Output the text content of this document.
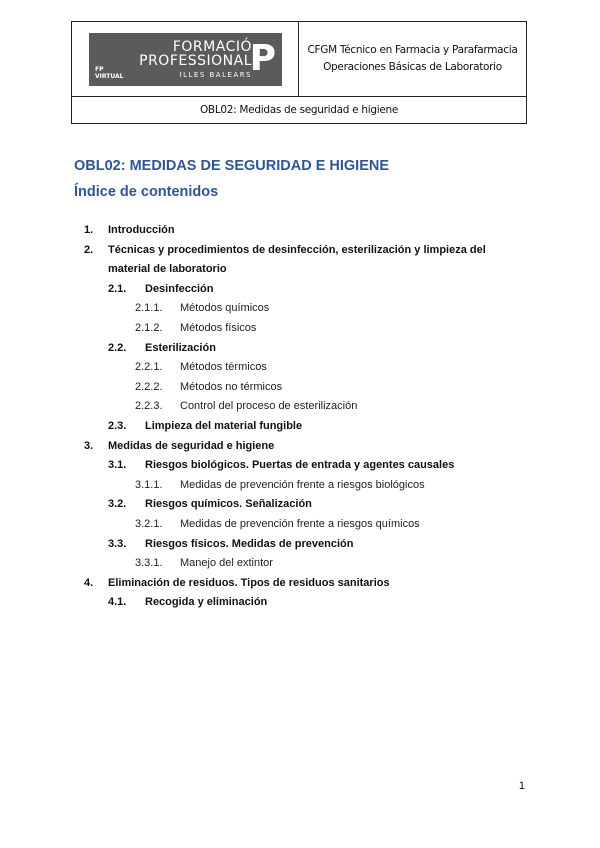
FP
VIRTUAL
FORMACIÓ
PROFESSIONAL
ILLES BALEARS
P	CFGM Técnico en Farmacia y Parafarmacia
Operaciones Básicas de Laboratorio
OBL02: Medidas de seguridad e higiene
OBL02: MEDIDAS DE SEGURIDAD E HIGIENE
Índice de contenidos
1. Introducción
2. Técnicas y procedimientos de desinfección, esterilización y limpieza del material de laboratorio
2.1. Desinfección
2.1.1. Métodos químicos
2.1.2. Métodos físicos
2.2. Esterilización
2.2.1. Métodos térmicos
2.2.2. Métodos no térmicos
2.2.3. Control del proceso de esterilización
2.3. Limpieza del material fungible
3. Medidas de seguridad e higiene
3.1. Riesgos biológicos. Puertas de entrada y agentes causales
3.1.1. Medidas de prevención frente a riesgos biológicos
3.2. Riesgos químicos. Señalización
3.2.1. Medidas de prevención frente a riesgos químicos
3.3. Riesgos físicos. Medidas de prevención
3.3.1. Manejo del extintor
4. Eliminación de residuos. Tipos de residuos sanitarios
4.1. Recogida y eliminación
1
